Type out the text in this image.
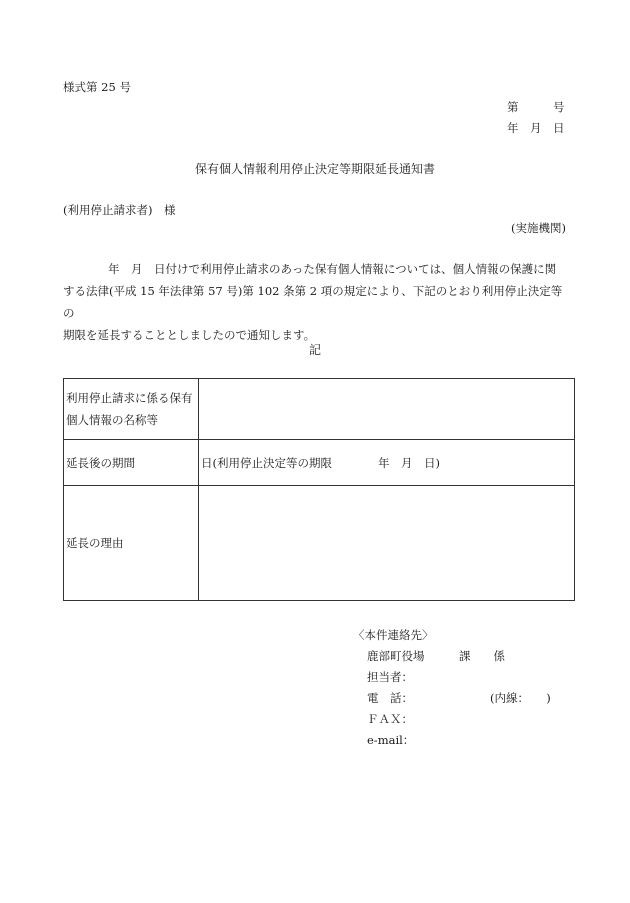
様式第 25 号
第　　　号
年　月　日
保有個人情報利用停止決定等期限延長通知書
(利用停止請求者)　様
(実施機関)
年　月　日付けで利用停止請求のあった保有個人情報については、個人情報の保護に関
する法律(平成 15 年法律第 57 号)第 102 条第 2 項の規定により、下記のとおり利用停止決定等の
期限を延長することとしましたので通知します。
記
利用停止請求に係る保有
個人情報の名称等	

延長後の期間	日(利用停止決定等の期限　　　　年　月　日)
延長の理由	
〈本件連絡先〉
鹿部町役場　　　課　　係
担当者：
電　話：	(内線：　　)
ＦＡＸ：
e-mail：
